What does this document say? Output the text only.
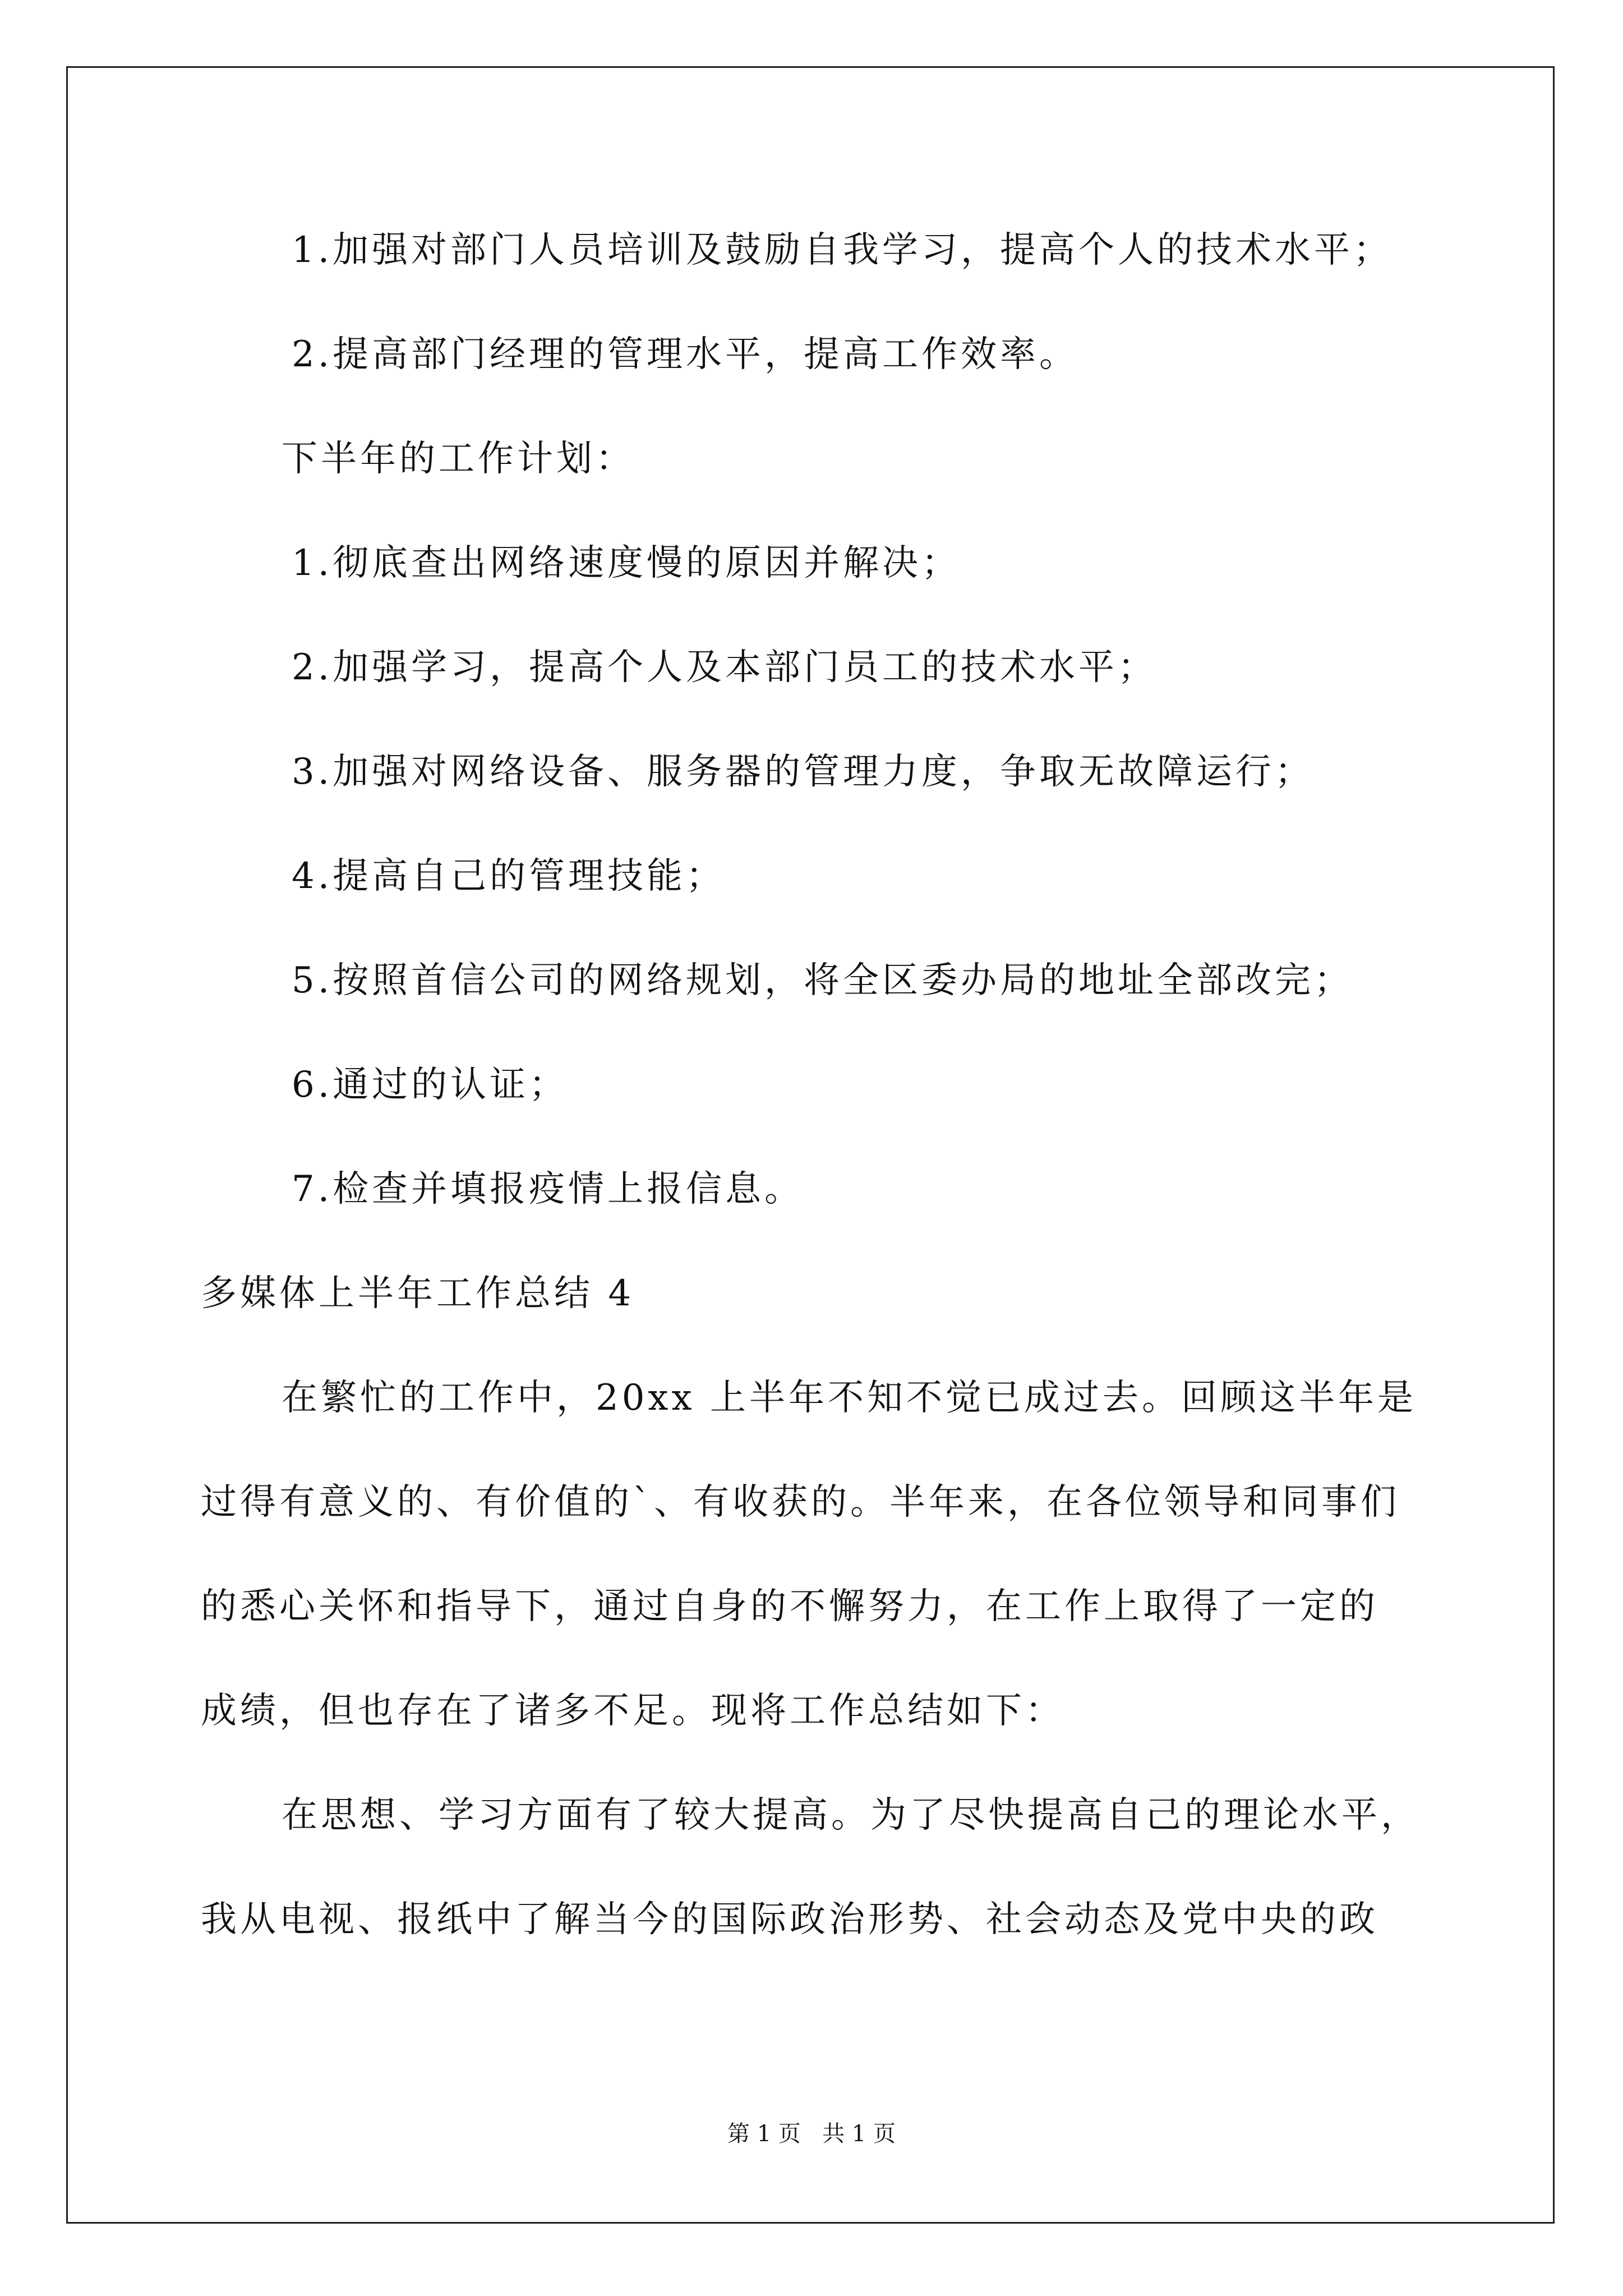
1.加强对部门人员培训及鼓励自我学习，提高个人的技术水平；
2.提高部门经理的管理水平，提高工作效率。
下半年的工作计划：
1.彻底查出网络速度慢的原因并解决；
2.加强学习，提高个人及本部门员工的技术水平；
3.加强对网络设备、服务器的管理力度，争取无故障运行；
4.提高自己的管理技能；
5.按照首信公司的网络规划，将全区委办局的地址全部改完；
6.通过的认证；
7.检查并填报疫情上报信息。
多媒体上半年工作总结 4
在繁忙的工作中，20xx 上半年不知不觉已成过去。回顾这半年是
过得有意义的、有价值的`、有收获的。半年来，在各位领导和同事们
的悉心关怀和指导下，通过自身的不懈努力，在工作上取得了一定的
成绩，但也存在了诸多不足。现将工作总结如下：
在思想、学习方面有了较大提高。为了尽快提高自己的理论水平，
我从电视、报纸中了解当今的国际政治形势、社会动态及党中央的政
第 1 页   共 1 页
